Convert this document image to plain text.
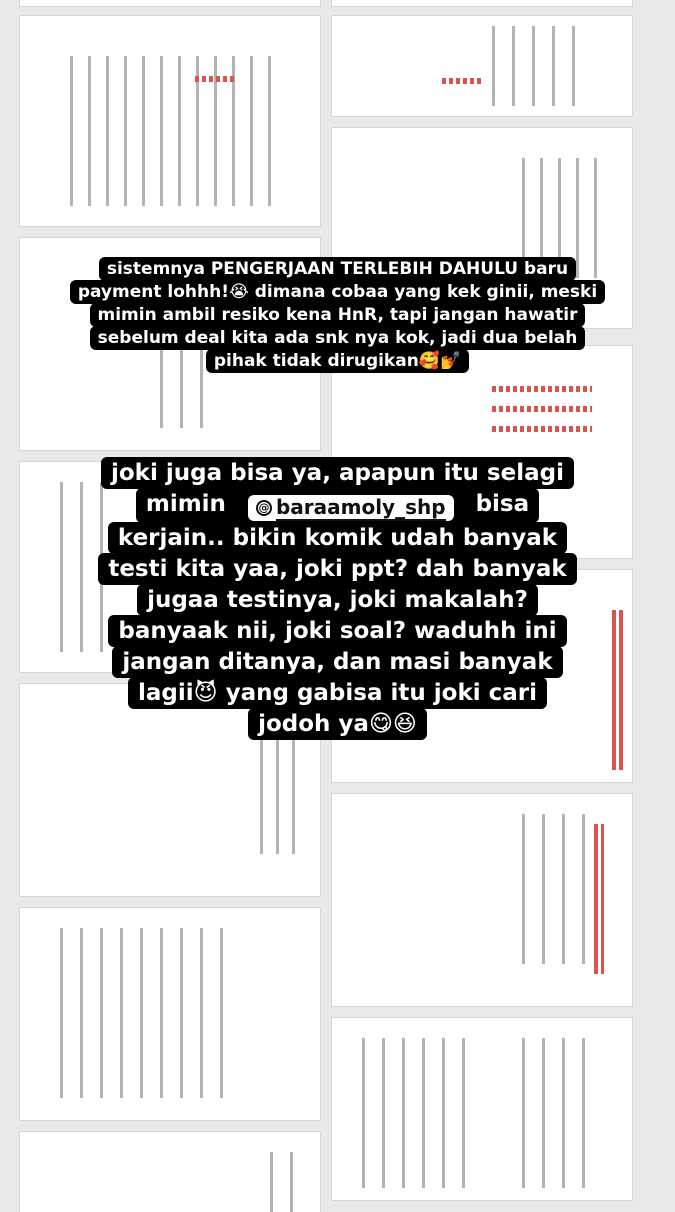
sistemnya PENGERJAAN TERLEBIH DAHULU baru
payment lohhh!😭 dimana cobaa yang kek ginii, meski
mimin ambil resiko kena HnR, tapi jangan hawatir
sebelum deal kita ada snk nya kok, jadi dua belah
pihak tidak dirugikan🥰💅
joki juga bisa ya, apapun itu selagi
mimin	@ baraamoly_shp bisa
kerjain.. bikin komik udah banyak
testi kita yaa, joki ppt? dah banyak
jugaa testinya, joki makalah?
banyaak nii, joki soal? waduhh ini
jangan ditanya, dan masi banyak
lagii😈 yang gabisa itu joki cari
jodoh ya😋😆
